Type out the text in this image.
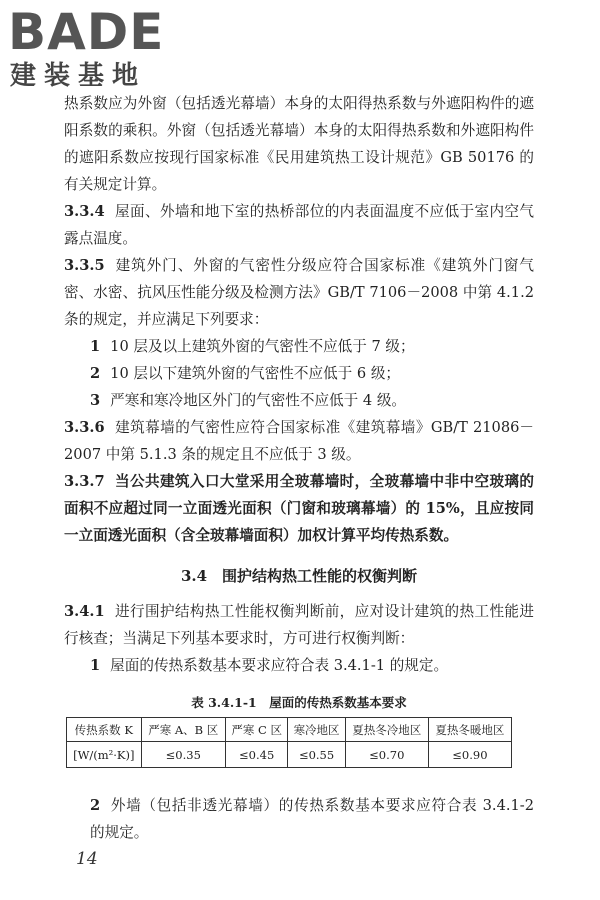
BADE
建装基地

热系数应为外窗（包括透光幕墙）本身的太阳得热系数与外遮阳构件的遮阳系数的乘积。外窗（包括透光幕墙）本身的太阳得热系数和外遮阳构件的遮阳系数应按现行国家标准《民用建筑热工设计规范》GB 50176 的有关规定计算。

3.3.4 屋面、外墙和地下室的热桥部位的内表面温度不应低于室内空气露点温度。

3.3.5 建筑外门、外窗的气密性分级应符合国家标准《建筑外门窗气密、水密、抗风压性能分级及检测方法》GB/T 7106－2008 中第 4.1.2 条的规定，并应满足下列要求：

1 10 层及以上建筑外窗的气密性不应低于 7 级；

2 10 层以下建筑外窗的气密性不应低于 6 级；

3 严寒和寒冷地区外门的气密性不应低于 4 级。

3.3.6 建筑幕墙的气密性应符合国家标准《建筑幕墙》GB/T 21086－2007 中第 5.1.3 条的规定且不应低于 3 级。

3.3.7 当公共建筑入口大堂采用全玻幕墙时，全玻幕墙中非中空玻璃的面积不应超过同一立面透光面积（门窗和玻璃幕墙）的 15%，且应按同一立面透光面积（含全玻幕墙面积）加权计算平均传热系数。

3.4　围护结构热工性能的权衡判断

3.4.1 进行围护结构热工性能权衡判断前，应对设计建筑的热工性能进行核查；当满足下列基本要求时，方可进行权衡判断：

1 屋面的传热系数基本要求应符合表 3.4.1-1 的规定。

表 3.4.1-1　屋面的传热系数基本要求
传热系数 K	严寒 A、B 区	严寒 C 区	寒冷地区	夏热冬冷地区	夏热冬暖地区
[W/(m²·K)]	≤0.35	≤0.45	≤0.55	≤0.70	≤0.90

2 外墙（包括非透光幕墙）的传热系数基本要求应符合表 3.4.1-2 的规定。

14
